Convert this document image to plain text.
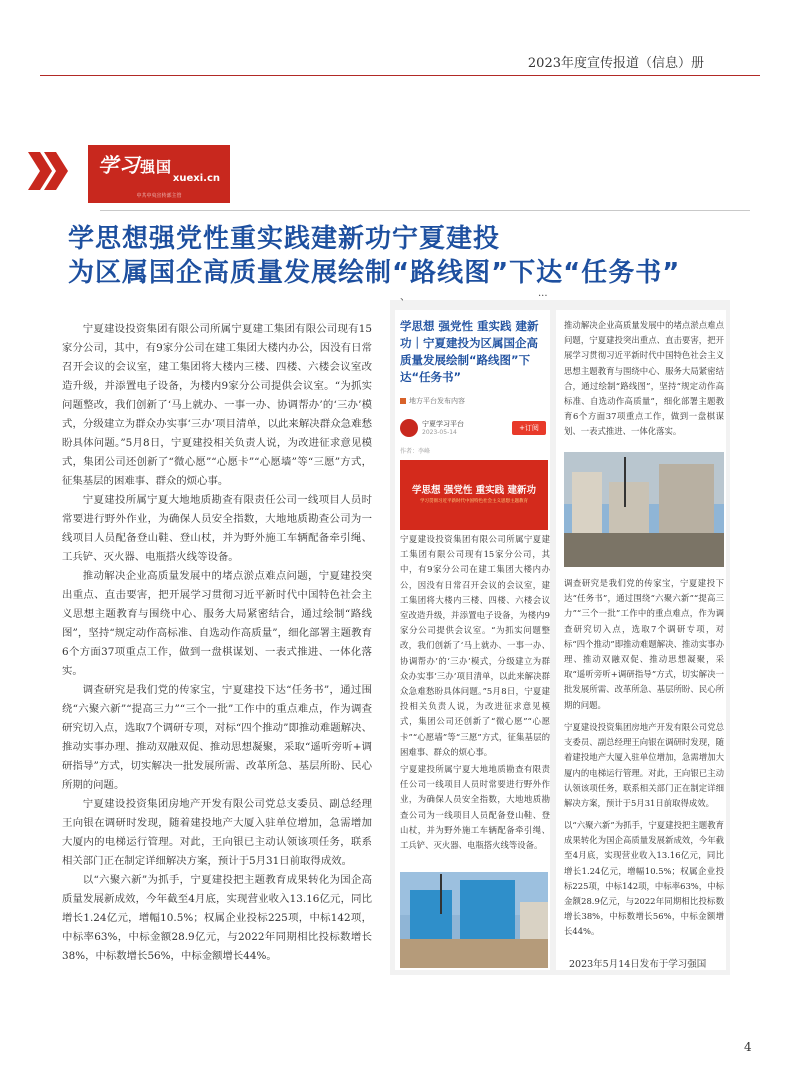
2023年度宣传报道（信息）册
学习强国
xuexi.cn
中共中央宣传部主管
学思想强党性重实践建新功宁夏建投
为区属国企高质量发展绘制“路线图”下达“任务书”

宁夏建设投资集团有限公司所属宁夏建工集团有限公司现有15家分公司，其中，有9家分公司在建工集团大楼内办公，因没有日常召开会议的会议室，建工集团将大楼内三楼、四楼、六楼会议室改造升级，并添置电子设备，为楼内9家分公司提供会议室。“为抓实问题整改，我们创新了‘马上就办、一事一办、协调帮办’的‘三办’模式，分级建立为群众办实事‘三办’项目清单，以此来解决群众急难愁盼具体问题。”5月8日，宁夏建投相关负责人说，为改进征求意见模式，集团公司还创新了“微心愿”“心愿卡”“心愿墙”等“三愿”方式，征集基层的困难事、群众的烦心事。

宁夏建投所属宁夏大地地质勘查有限责任公司一线项目人员时常要进行野外作业，为确保人员安全指数，大地地质勘查公司为一线项目人员配备登山鞋、登山杖，并为野外施工车辆配备牵引绳、工兵铲、灭火器、电瓶搭火线等设备。

推动解决企业高质量发展中的堵点淤点难点问题，宁夏建投突出重点、直击要害，把开展学习贯彻习近平新时代中国特色社会主义思想主题教育与围绕中心、服务大局紧密结合，通过绘制“路线图”，坚持“规定动作高标准、自选动作高质量”，细化部署主题教育6个方面37项重点工作，做到一盘棋谋划、一表式推进、一体化落实。

调查研究是我们党的传家宝，宁夏建投下达“任务书”，通过围绕“六聚六新”“提高三力”“三个一批”工作中的重点难点，作为调查研究切入点，选取7个调研专项，对标“四个推动”即推动难题解决、推动实事办理、推动双融双促、推动思想凝聚，采取“遥听旁听+调研指导”方式，切实解决一批发展所需、改革所急、基层所盼、民心所期的问题。

宁夏建设投资集团房地产开发有限公司党总支委员、副总经理王向银在调研时发现，随着建投地产大厦入驻单位增加，急需增加大厦内的电梯运行管理。对此，王向银已主动认领该项任务，联系相关部门正在制定详细解决方案，预计于5月31日前取得成效。

以“六聚六新”为抓手，宁夏建投把主题教育成果转化为国企高质量发展新成效，今年截至4月底，实现营业收入13.16亿元，同比增长1.24亿元，增幅10.5%；权属企业投标225项，中标142项，中标率63%，中标金额28.9亿元，与2022年同期相比投标数增长38%，中标数增长56%，中标金额增长44%。

、	...
学思想 强党性 重实践 建新功｜宁夏建投为区属国企高质量发展绘制“路线图”下达“任务书”
地方平台发布内容
宁夏学习平台
2023-05-14
+订阅
作者：李峰
学思想 强党性 重实践 建新功
学习贯彻习近平新时代中国特色社会主义思想主题教育

宁夏建设投资集团有限公司所属宁夏建工集团有限公司现有15家分公司，其中，有9家分公司在建工集团大楼内办公，因没有日常召开会议的会议室，建工集团将大楼内三楼、四楼、六楼会议室改造升级，并添置电子设备，为楼内9家分公司提供会议室。“为抓实问题整改，我们创新了‘马上就办、一事一办、协调帮办’的‘三办’模式，分级建立为群众办实事‘三办’项目清单，以此来解决群众急难愁盼具体问题。”5月8日，宁夏建投相关负责人说，为改进征求意见模式，集团公司还创新了“微心愿”“心愿卡”“心愿墙”等“三愿”方式，征集基层的困难事、群众的烦心事。

宁夏建投所属宁夏大地地质勘查有限责任公司一线项目人员时常要进行野外作业，为确保人员安全指数，大地地质勘查公司为一线项目人员配备登山鞋、登山杖，并为野外施工车辆配备牵引绳、工兵铲、灭火器、电瓶搭火线等设备。

推动解决企业高质量发展中的堵点淤点难点问题，宁夏建投突出重点、直击要害，把开展学习贯彻习近平新时代中国特色社会主义思想主题教育与围绕中心、服务大局紧密结合，通过绘制“路线图”，坚持“规定动作高标准、自选动作高质量”，细化部署主题教育6个方面37项重点工作，做到一盘棋谋划、一表式推进、一体化落实。

调查研究是我们党的传家宝，宁夏建投下达“任务书”，通过围绕“六聚六新”“提高三力”“三个一批”工作中的重点难点，作为调查研究切入点，选取7个调研专项，对标“四个推动”即推动难题解决、推动实事办理、推动双融双促、推动思想凝聚，采取“遥听旁听+调研指导”方式，切实解决一批发展所需、改革所急、基层所盼、民心所期的问题。

宁夏建设投资集团房地产开发有限公司党总支委员、副总经理王向银在调研时发现，随着建投地产大厦入驻单位增加，急需增加大厦内的电梯运行管理。对此，王向银已主动认领该项任务，联系相关部门正在制定详细解决方案，预计于5月31日前取得成效。

以“六聚六新”为抓手，宁夏建投把主题教育成果转化为国企高质量发展新成效，今年截至4月底，实现营业收入13.16亿元，同比增长1.24亿元，增幅10.5%；权属企业投标225项，中标142项，中标率63%，中标金额28.9亿元，与2022年同期相比投标数增长38%，中标数增长56%，中标金额增长44%。

2023年5月14日发布于学习强国
4
